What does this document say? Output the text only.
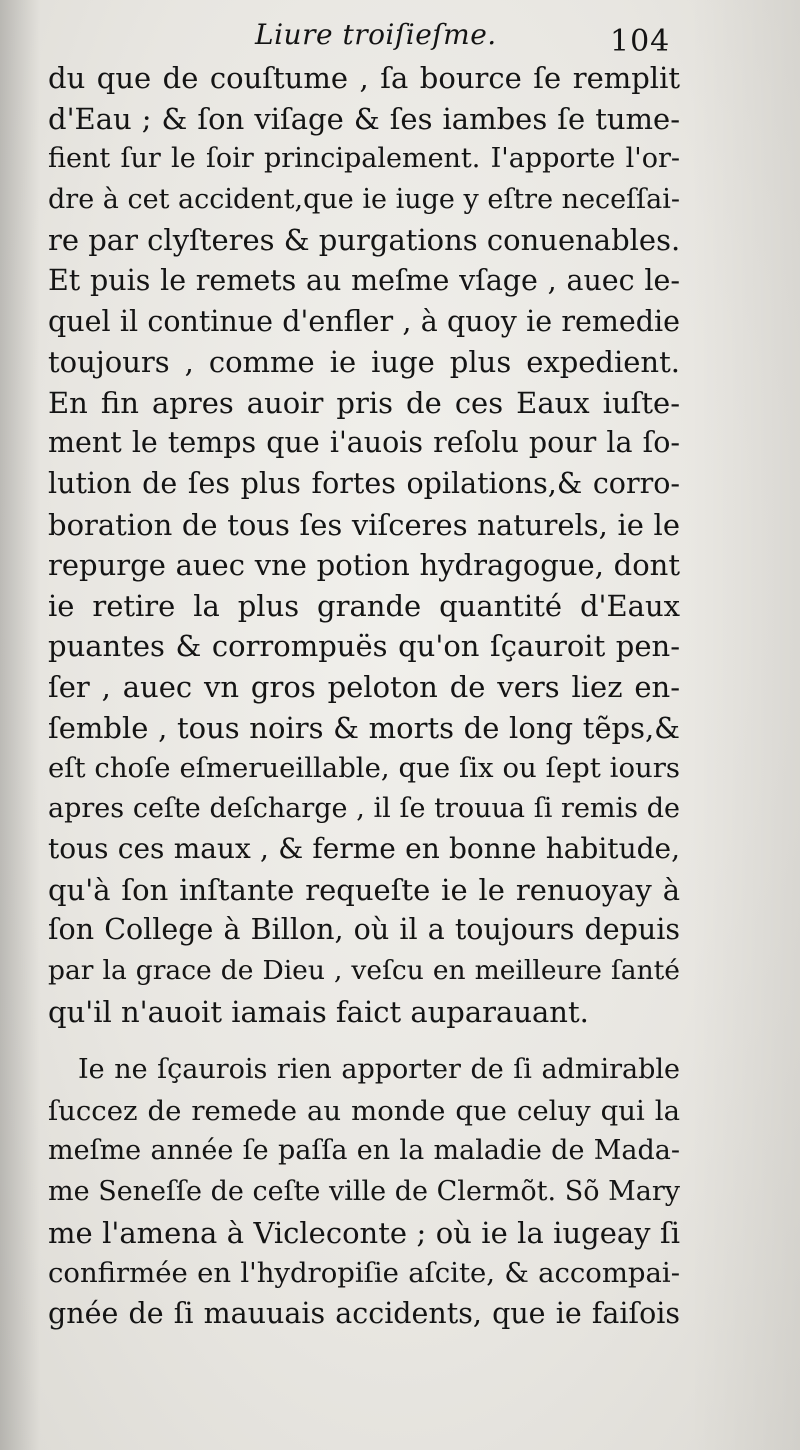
Liure troiſieſme.	104
du que de couſtume , ſa bource ſe remplit
d'Eau ; & ſon viſage & ſes iambes ſe tume-
fient ſur le ſoir principalement. I'apporte l'or-
dre à cet accident,que ie iuge y eſtre neceſſai-
re par clyſteres & purgations conuenables.
Et puis le remets au meſme vſage , auec le-
quel il continue d'enfler , à quoy ie remedie
toujours , comme ie iuge plus expedient.
En fin apres auoir pris de ces Eaux iuſte-
ment le temps que i'auois reſolu pour la ſo-
lution de ſes plus fortes opilations,& corro-
boration de tous ſes viſceres naturels, ie le
repurge auec vne potion hydragogue, dont
ie retire la plus grande quantité d'Eaux
puantes & corrompuës qu'on ſçauroit pen-
ſer , auec vn gros peloton de vers liez en-
ſemble , tous noirs & morts de long tẽps,&
eſt choſe eſmerueillable, que ſix ou ſept iours
apres ceſte deſcharge , il ſe trouua ſi remis de
tous ces maux , & ferme en bonne habitude,
qu'à ſon inſtante requeſte ie le renuoyay à
ſon College à Billon, où il a toujours depuis
par la grace de Dieu , veſcu en meilleure ſanté
qu'il n'auoit iamais faict auparauant.
Ie ne ſçaurois rien apporter de ſi admirable
ſuccez de remede au monde que celuy qui la
meſme année ſe paſſa en la maladie de Mada-
me Seneſſe de ceſte ville de Clermõt. Sõ Mary
me l'amena à Vicleconte ; où ie la iugeay ſi
confirmée en l'hydropiſie aſcite, & accompai-
gnée de ſi mauuais accidents, que ie faiſois
